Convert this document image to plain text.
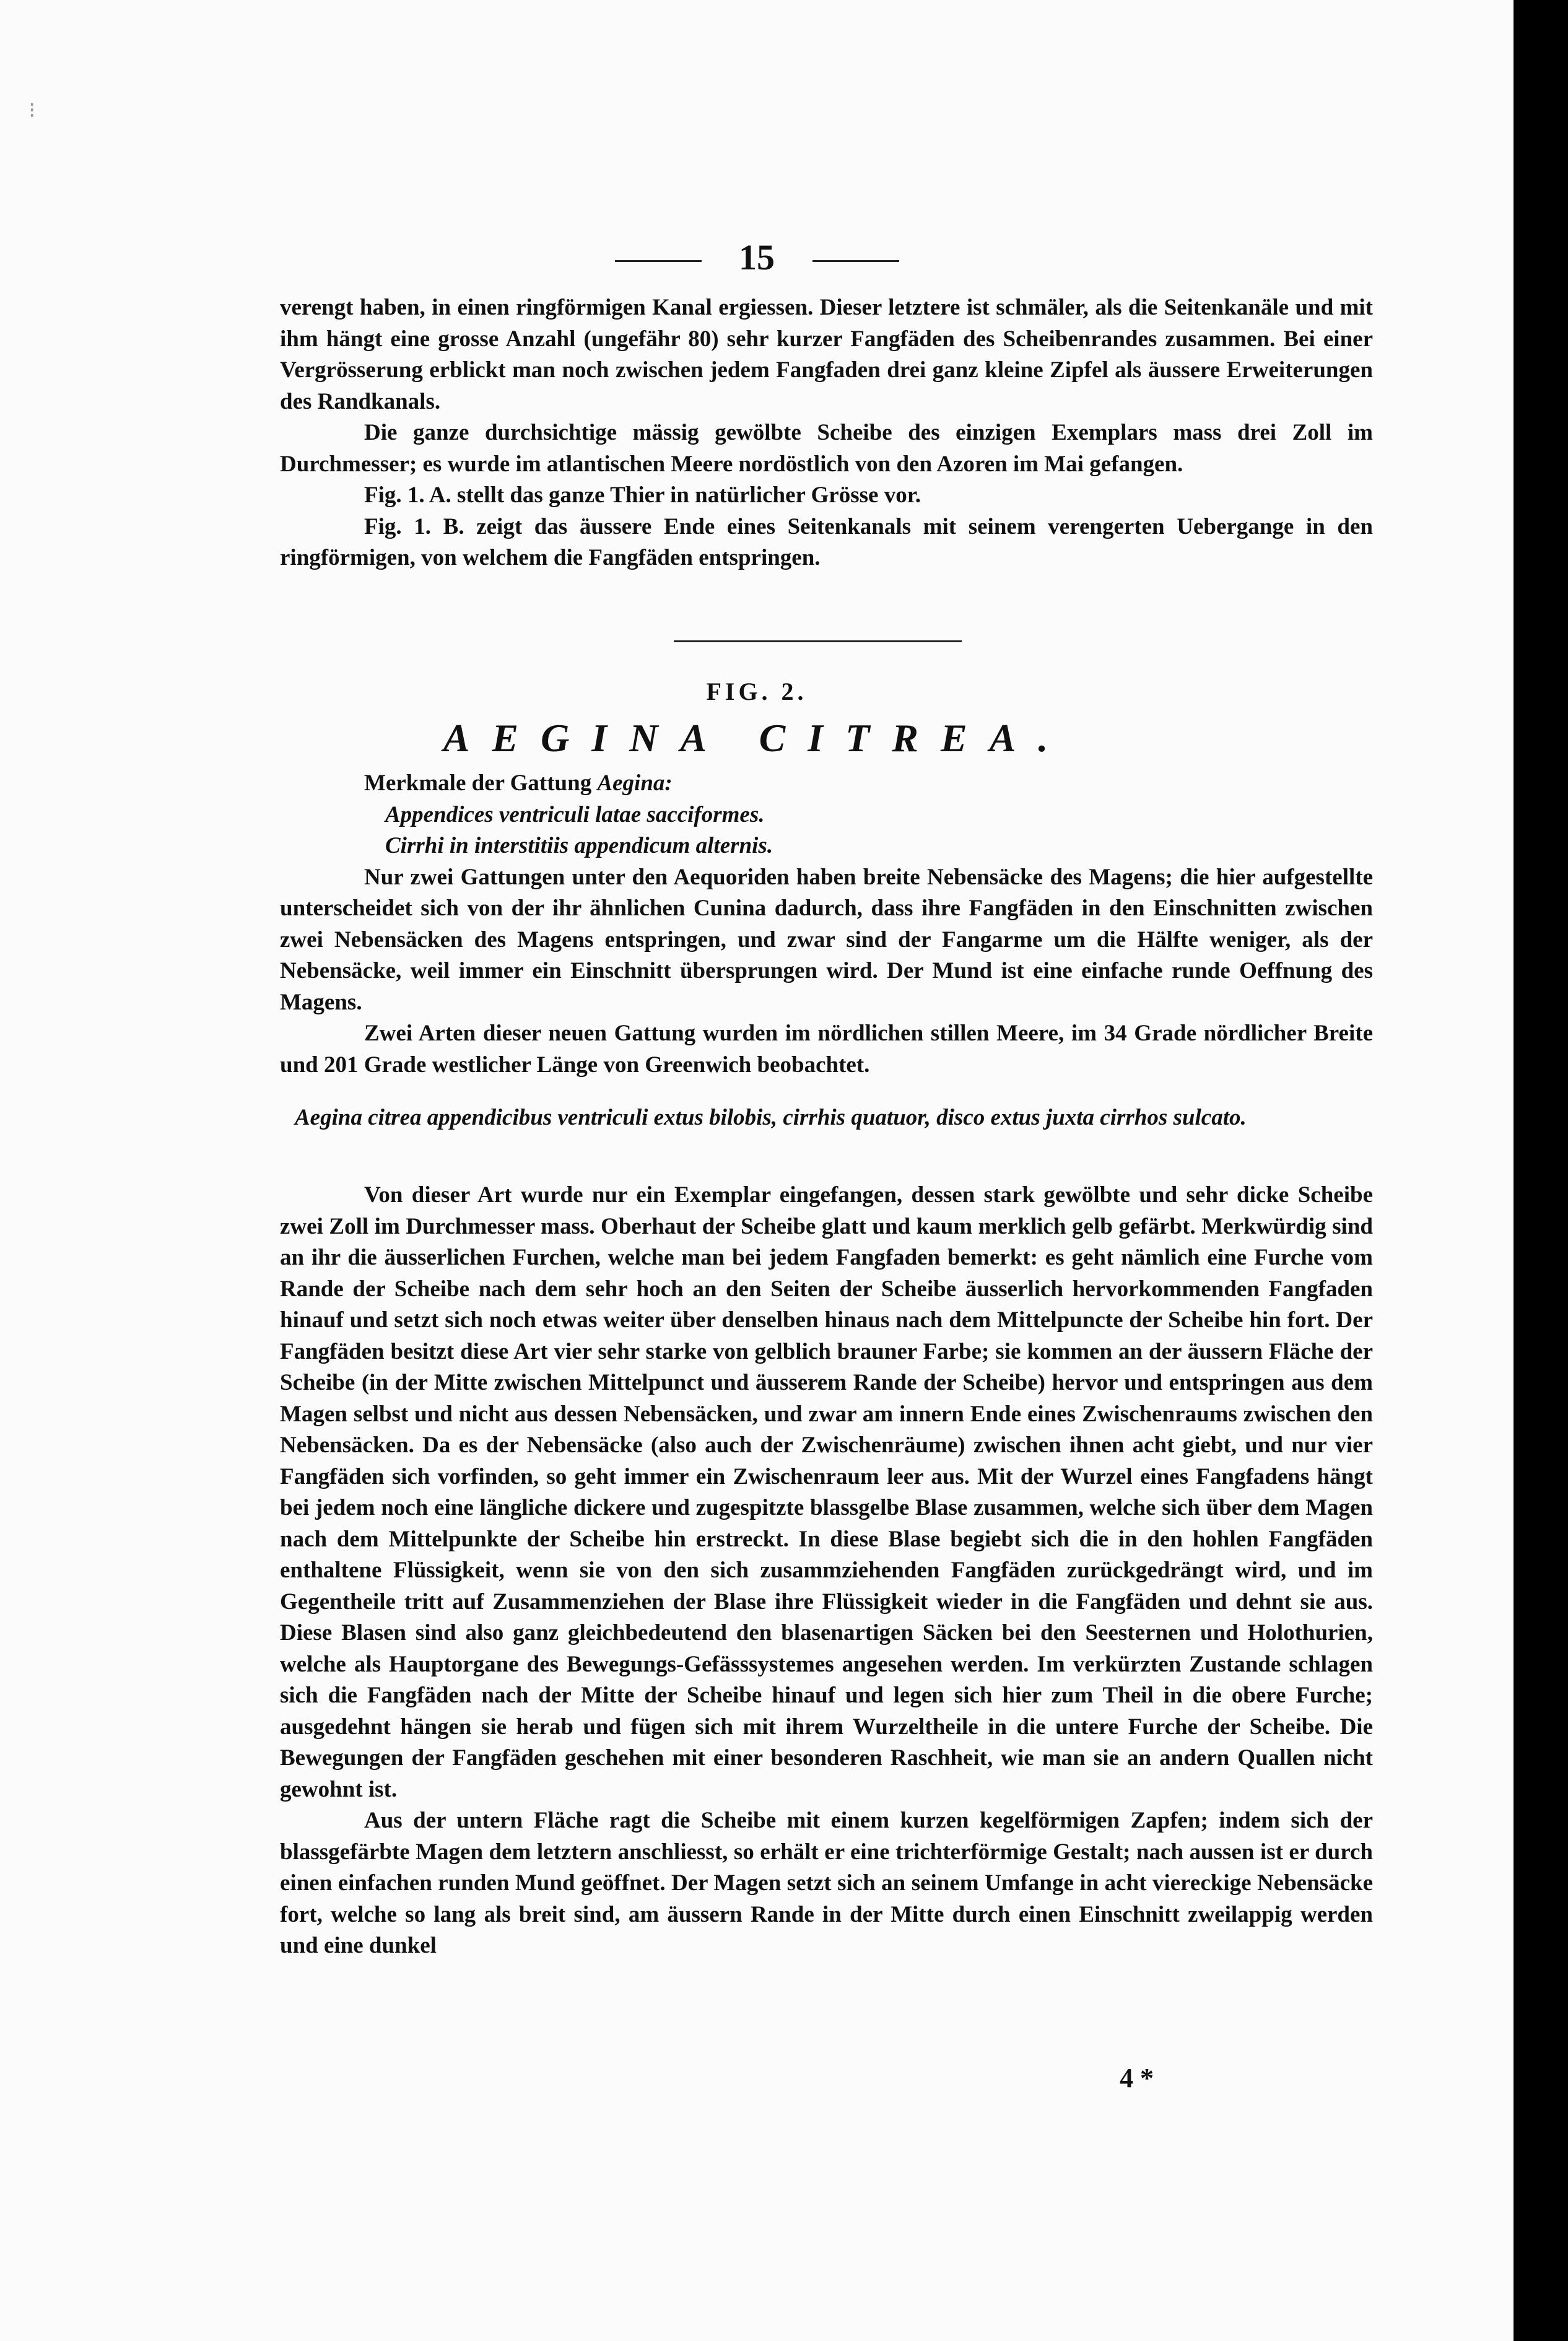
⁝
15

verengt haben, in einen ringförmigen Kanal ergiessen. Dieser letztere ist schmäler, als die Seitenkanäle und mit ihm hängt eine grosse Anzahl (ungefähr 80) sehr kurzer Fangfäden des Scheibenrandes zusammen. Bei einer Vergrösserung erblickt man noch zwischen jedem Fangfaden drei ganz kleine Zipfel als äussere Erweiterungen des Randkanals.

Die ganze durchsichtige mässig gewölbte Scheibe des einzigen Exemplars mass drei Zoll im Durchmesser; es wurde im atlantischen Meere nordöstlich von den Azoren im Mai gefangen.

Fig. 1. A. stellt das ganze Thier in natürlicher Grösse vor.

Fig. 1. B. zeigt das äussere Ende eines Seitenkanals mit seinem verengerten Uebergange in den ringförmigen, von welchem die Fangfäden entspringen.

FIG. 2.
AEGINA CITREA.

Merkmale der Gattung Aegina:

Appendices ventriculi latae sacciformes.

Cirrhi in interstitiis appendicum alternis.

Nur zwei Gattungen unter den Aequoriden haben breite Nebensäcke des Magens; die hier aufgestellte unterscheidet sich von der ihr ähnlichen Cunina dadurch, dass ihre Fangfäden in den Einschnitten zwischen zwei Nebensäcken des Magens entspringen, und zwar sind der Fangarme um die Hälfte weniger, als der Nebensäcke, weil immer ein Einschnitt übersprungen wird. Der Mund ist eine einfache runde Oeffnung des Magens.

Zwei Arten dieser neuen Gattung wurden im nördlichen stillen Meere, im 34 Grade nördlicher Breite und 201 Grade westlicher Länge von Greenwich beobachtet.

Aegina citrea appendicibus ventriculi extus bilobis, cirrhis quatuor, disco extus juxta cirrhos sulcato.

Von dieser Art wurde nur ein Exemplar eingefangen, dessen stark gewölbte und sehr dicke Scheibe zwei Zoll im Durchmesser mass. Oberhaut der Scheibe glatt und kaum merklich gelb gefärbt. Merkwürdig sind an ihr die äusserlichen Furchen, welche man bei jedem Fangfaden bemerkt: es geht nämlich eine Furche vom Rande der Scheibe nach dem sehr hoch an den Seiten der Scheibe äusserlich hervorkommenden Fangfaden hinauf und setzt sich noch etwas weiter über denselben hinaus nach dem Mittelpuncte der Scheibe hin fort. Der Fangfäden besitzt diese Art vier sehr starke von gelblich brauner Farbe; sie kommen an der äussern Fläche der Scheibe (in der Mitte zwischen Mittelpunct und äusserem Rande der Scheibe) hervor und entspringen aus dem Magen selbst und nicht aus dessen Nebensäcken, und zwar am innern Ende eines Zwischenraums zwischen den Nebensäcken. Da es der Nebensäcke (also auch der Zwischenräume) zwischen ihnen acht giebt, und nur vier Fangfäden sich vorfinden, so geht immer ein Zwischenraum leer aus. Mit der Wurzel eines Fangfadens hängt bei jedem noch eine längliche dickere und zugespitzte blassgelbe Blase zusammen, welche sich über dem Magen nach dem Mittelpunkte der Scheibe hin erstreckt. In diese Blase begiebt sich die in den hohlen Fangfäden enthaltene Flüssigkeit, wenn sie von den sich zusammziehenden Fangfäden zurückgedrängt wird, und im Gegentheile tritt auf Zusammenziehen der Blase ihre Flüssigkeit wieder in die Fangfäden und dehnt sie aus. Diese Blasen sind also ganz gleichbedeutend den blasenartigen Säcken bei den Seesternen und Holothurien, welche als Hauptorgane des Bewegungs-Gefässsystemes angesehen werden. Im verkürzten Zustande schlagen sich die Fangfäden nach der Mitte der Scheibe hinauf und legen sich hier zum Theil in die obere Furche; ausgedehnt hängen sie herab und fügen sich mit ihrem Wurzeltheile in die untere Furche der Scheibe. Die Bewegungen der Fangfäden geschehen mit einer besonderen Raschheit, wie man sie an andern Quallen nicht gewohnt ist.

Aus der untern Fläche ragt die Scheibe mit einem kurzen kegelförmigen Zapfen; indem sich der blassgefärbte Magen dem letztern anschliesst, so erhält er eine trichterförmige Gestalt; nach aussen ist er durch einen einfachen runden Mund geöffnet. Der Magen setzt sich an seinem Umfange in acht viereckige Nebensäcke fort, welche so lang als breit sind, am äussern Rande in der Mitte durch einen Einschnitt zweilappig werden und eine dunkel

4 *
